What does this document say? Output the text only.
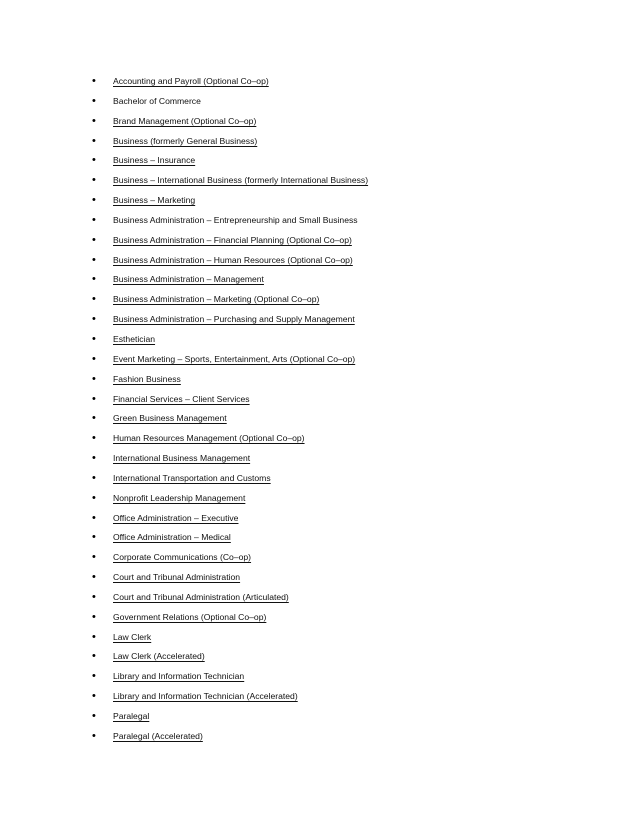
•	Accounting and Payroll (Optional Co–op)
•	Bachelor of Commerce
•	Brand Management (Optional Co–op)
•	Business (formerly General Business)
•	Business – Insurance
•	Business – International Business (formerly International Business)
•	Business – Marketing
•	Business Administration – Entrepreneurship and Small Business
•	Business Administration – Financial Planning (Optional Co–op)
•	Business Administration – Human Resources (Optional Co–op)
•	Business Administration – Management
•	Business Administration – Marketing (Optional Co–op)
•	Business Administration – Purchasing and Supply Management
•	Esthetician
•	Event Marketing – Sports, Entertainment, Arts (Optional Co–op)
•	Fashion Business
•	Financial Services – Client Services
•	Green Business Management
•	Human Resources Management (Optional Co–op)
•	International Business Management
•	International Transportation and Customs
•	Nonprofit Leadership Management
•	Office Administration – Executive
•	Office Administration – Medical
•	Corporate Communications (Co–op)
•	Court and Tribunal Administration
•	Court and Tribunal Administration (Articulated)
•	Government Relations (Optional Co–op)
•	Law Clerk
•	Law Clerk (Accelerated)
•	Library and Information Technician
•	Library and Information Technician (Accelerated)
•	Paralegal
•	Paralegal (Accelerated)
